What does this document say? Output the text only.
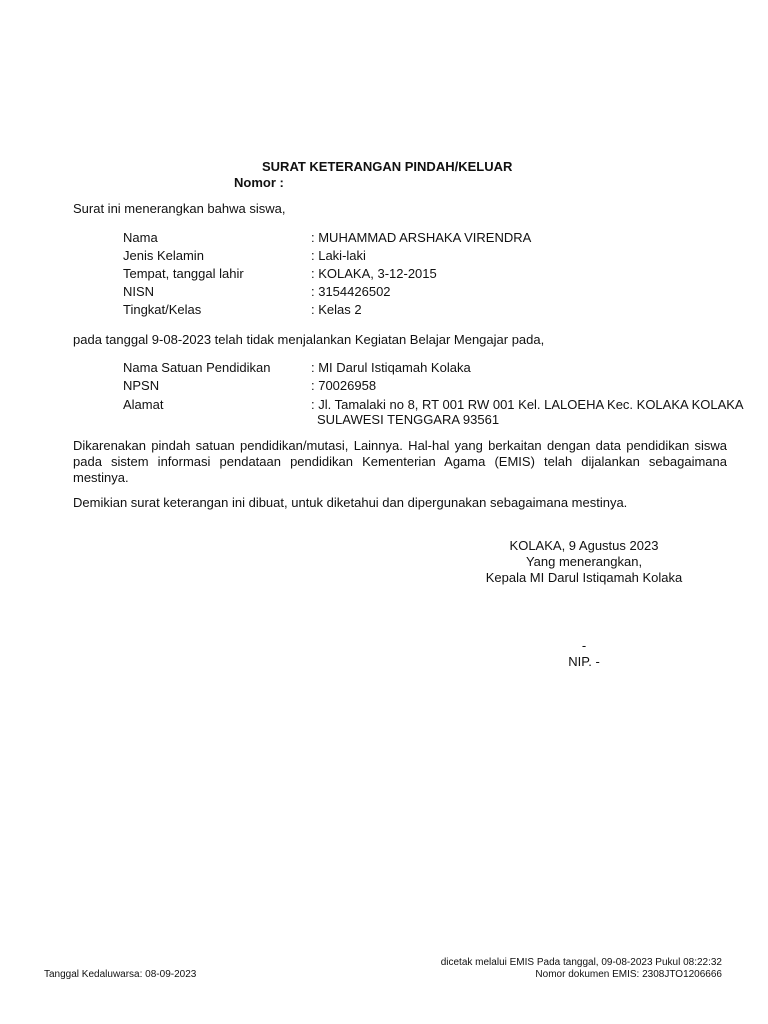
SURAT KETERANGAN PINDAH/KELUAR
Nomor :
Surat ini menerangkan bahwa siswa,
Nama	: MUHAMMAD ARSHAKA VIRENDRA
Jenis Kelamin	: Laki-laki
Tempat, tanggal lahir	: KOLAKA, 3-12-2015
NISN	: 3154426502
Tingkat/Kelas	: Kelas 2
pada tanggal 9-08-2023 telah tidak menjalankan Kegiatan Belajar Mengajar pada,
Nama Satuan Pendidikan	: MI Darul Istiqamah Kolaka
NPSN	: 70026958
Alamat	: Jl. Tamalaki no 8, RT 001 RW 001 Kel. LALOEHA Kec. KOLAKA KOLAKA
SULAWESI TENGGARA 93561
Dikarenakan pindah satuan pendidikan/mutasi, Lainnya. Hal-hal yang berkaitan dengan data pendidikan siswa pada sistem informasi pendataan pendidikan Kementerian Agama (EMIS) telah dijalankan sebagaimana mestinya.
Demikian surat keterangan ini dibuat, untuk diketahui dan dipergunakan sebagaimana mestinya.
KOLAKA, 9 Agustus 2023
Yang menerangkan,
Kepala MI Darul Istiqamah Kolaka
-
NIP. -
dicetak melalui EMIS Pada tanggal, 09-08-2023 Pukul 08:22:32
Tanggal Kedaluwarsa: 08-09-2023	Nomor dokumen EMIS: 2308JTO1206666
